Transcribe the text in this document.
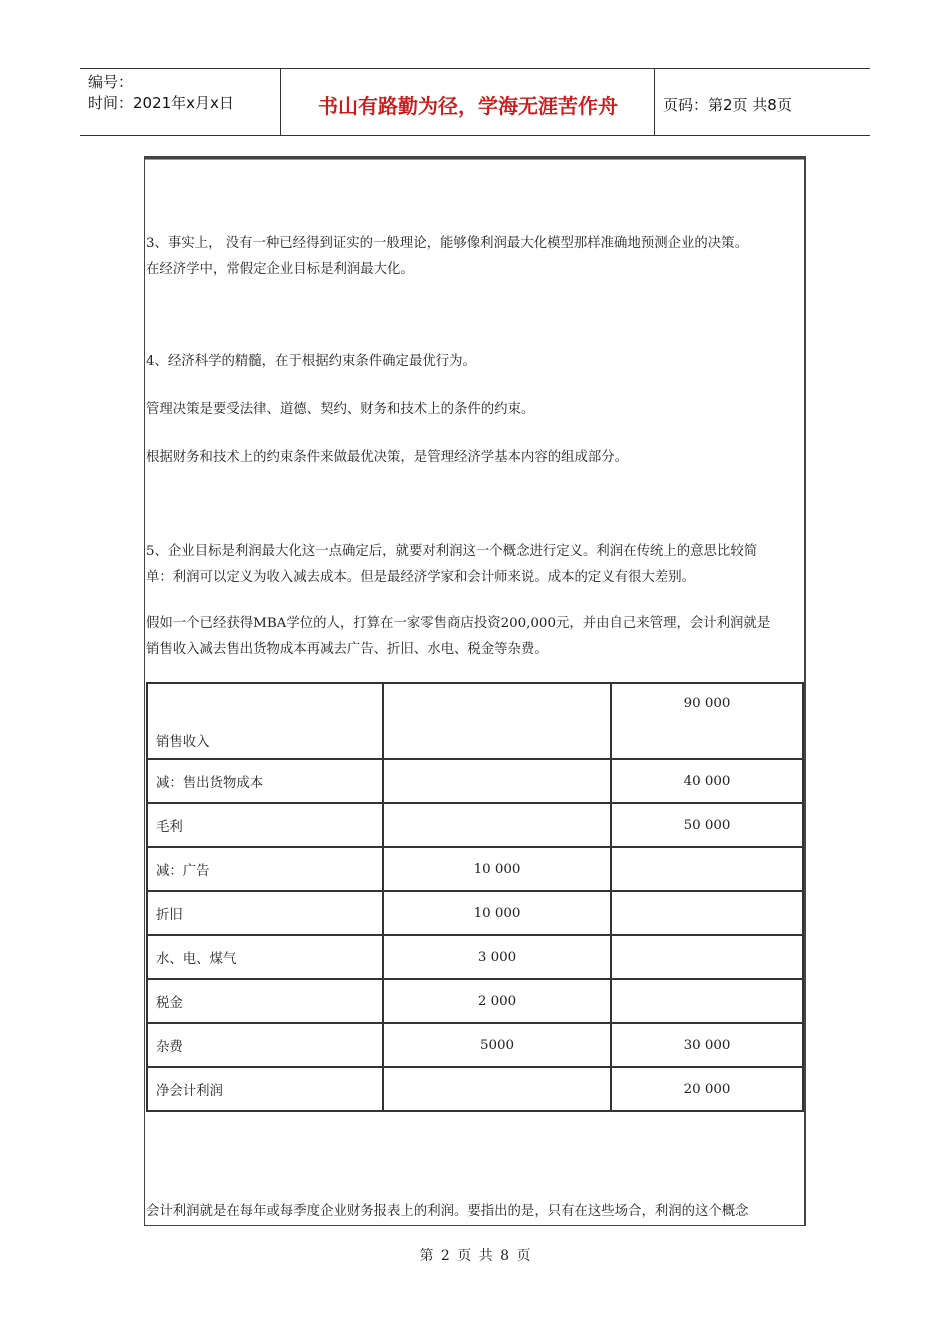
编号：
时间：2021年x月x日	书山有路勤为径，学海无涯苦作舟	页码：第2页 共8页
3、事实上， 没有一种已经得到证实的一般理论，能够像利润最大化模型那样准确地预测企业的决策。
在经济学中，常假定企业目标是利润最大化。
4、经济科学的精髓，在于根据约束条件确定最优行为。
管理决策是要受法律、道德、契约、财务和技术上的条件的约束。
根据财务和技术上的约束条件来做最优决策，是管理经济学基本内容的组成部分。
5、企业目标是利润最大化这一点确定后，就要对利润这一个概念进行定义。利润在传统上的意思比较简
单：利润可以定义为收入减去成本。但是最经济学家和会计师来说。成本的定义有很大差别。
假如一个已经获得MBA学位的人，打算在一家零售商店投资200,000元，并由自己来管理，会计利润就是
销售收入减去售出货物成本再减去广告、折旧、水电、税金等杂费。
销售收入		90 000
减：售出货物成本		40 000
毛利		50 000
减：广告	10 000	
折旧	10 000	
水、电、煤气	3 000	
税金	2 000	
杂费	5000	30 000
净会计利润		20 000
会计利润就是在每年或每季度企业财务报表上的利润。要指出的是，只有在这些场合，利润的这个概念
第 2 页 共 8 页
